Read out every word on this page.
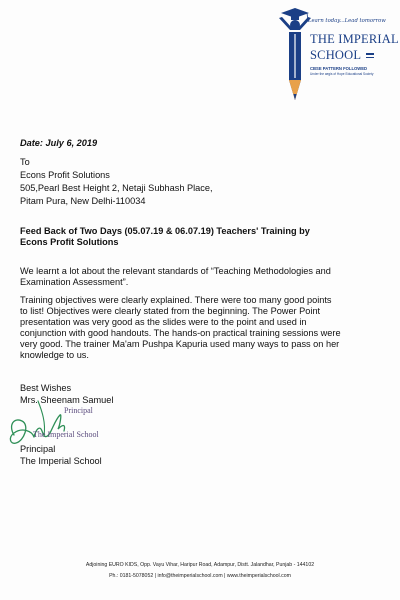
Learn today...Lead tomorrow
THE IMPERIAL
SCHOOL
CBSE PATTERN FOLLOWED
Under the aegis of Hope Educational Society
Date: July 6, 2019
To
Econs Profit Solutions
505,Pearl Best Height 2, Netaji Subhash Place,
Pitam Pura, New Delhi-110034
Feed Back of Two Days (05.07.19 & 06.07.19) Teachers' Training by
Econs Profit Solutions
We learnt a lot about the relevant standards of “Teaching Methodologies and
Examination Assessment”.
Training objectives were clearly explained. There were too many good points
to list! Objectives were clearly stated from the beginning. The Power Point
presentation was very good as the slides were to the point and used in
conjunction with good handouts. The hands-on practical training sessions were
very good. The trainer Ma'am Pushpa Kapuria used many ways to pass on her
knowledge to us.
Best Wishes
Mrs. Sheenam Samuel
Principal
The Imperial School
Principal
The Imperial School
Adjoining EURO KIDS, Opp. Vayu Vihar, Haripur Road, Adampur, Distt. Jalandhar, Punjab - 144102
Ph.: 0181-5078052 | info@theimperialschool.com | www.theimperialschool.com
